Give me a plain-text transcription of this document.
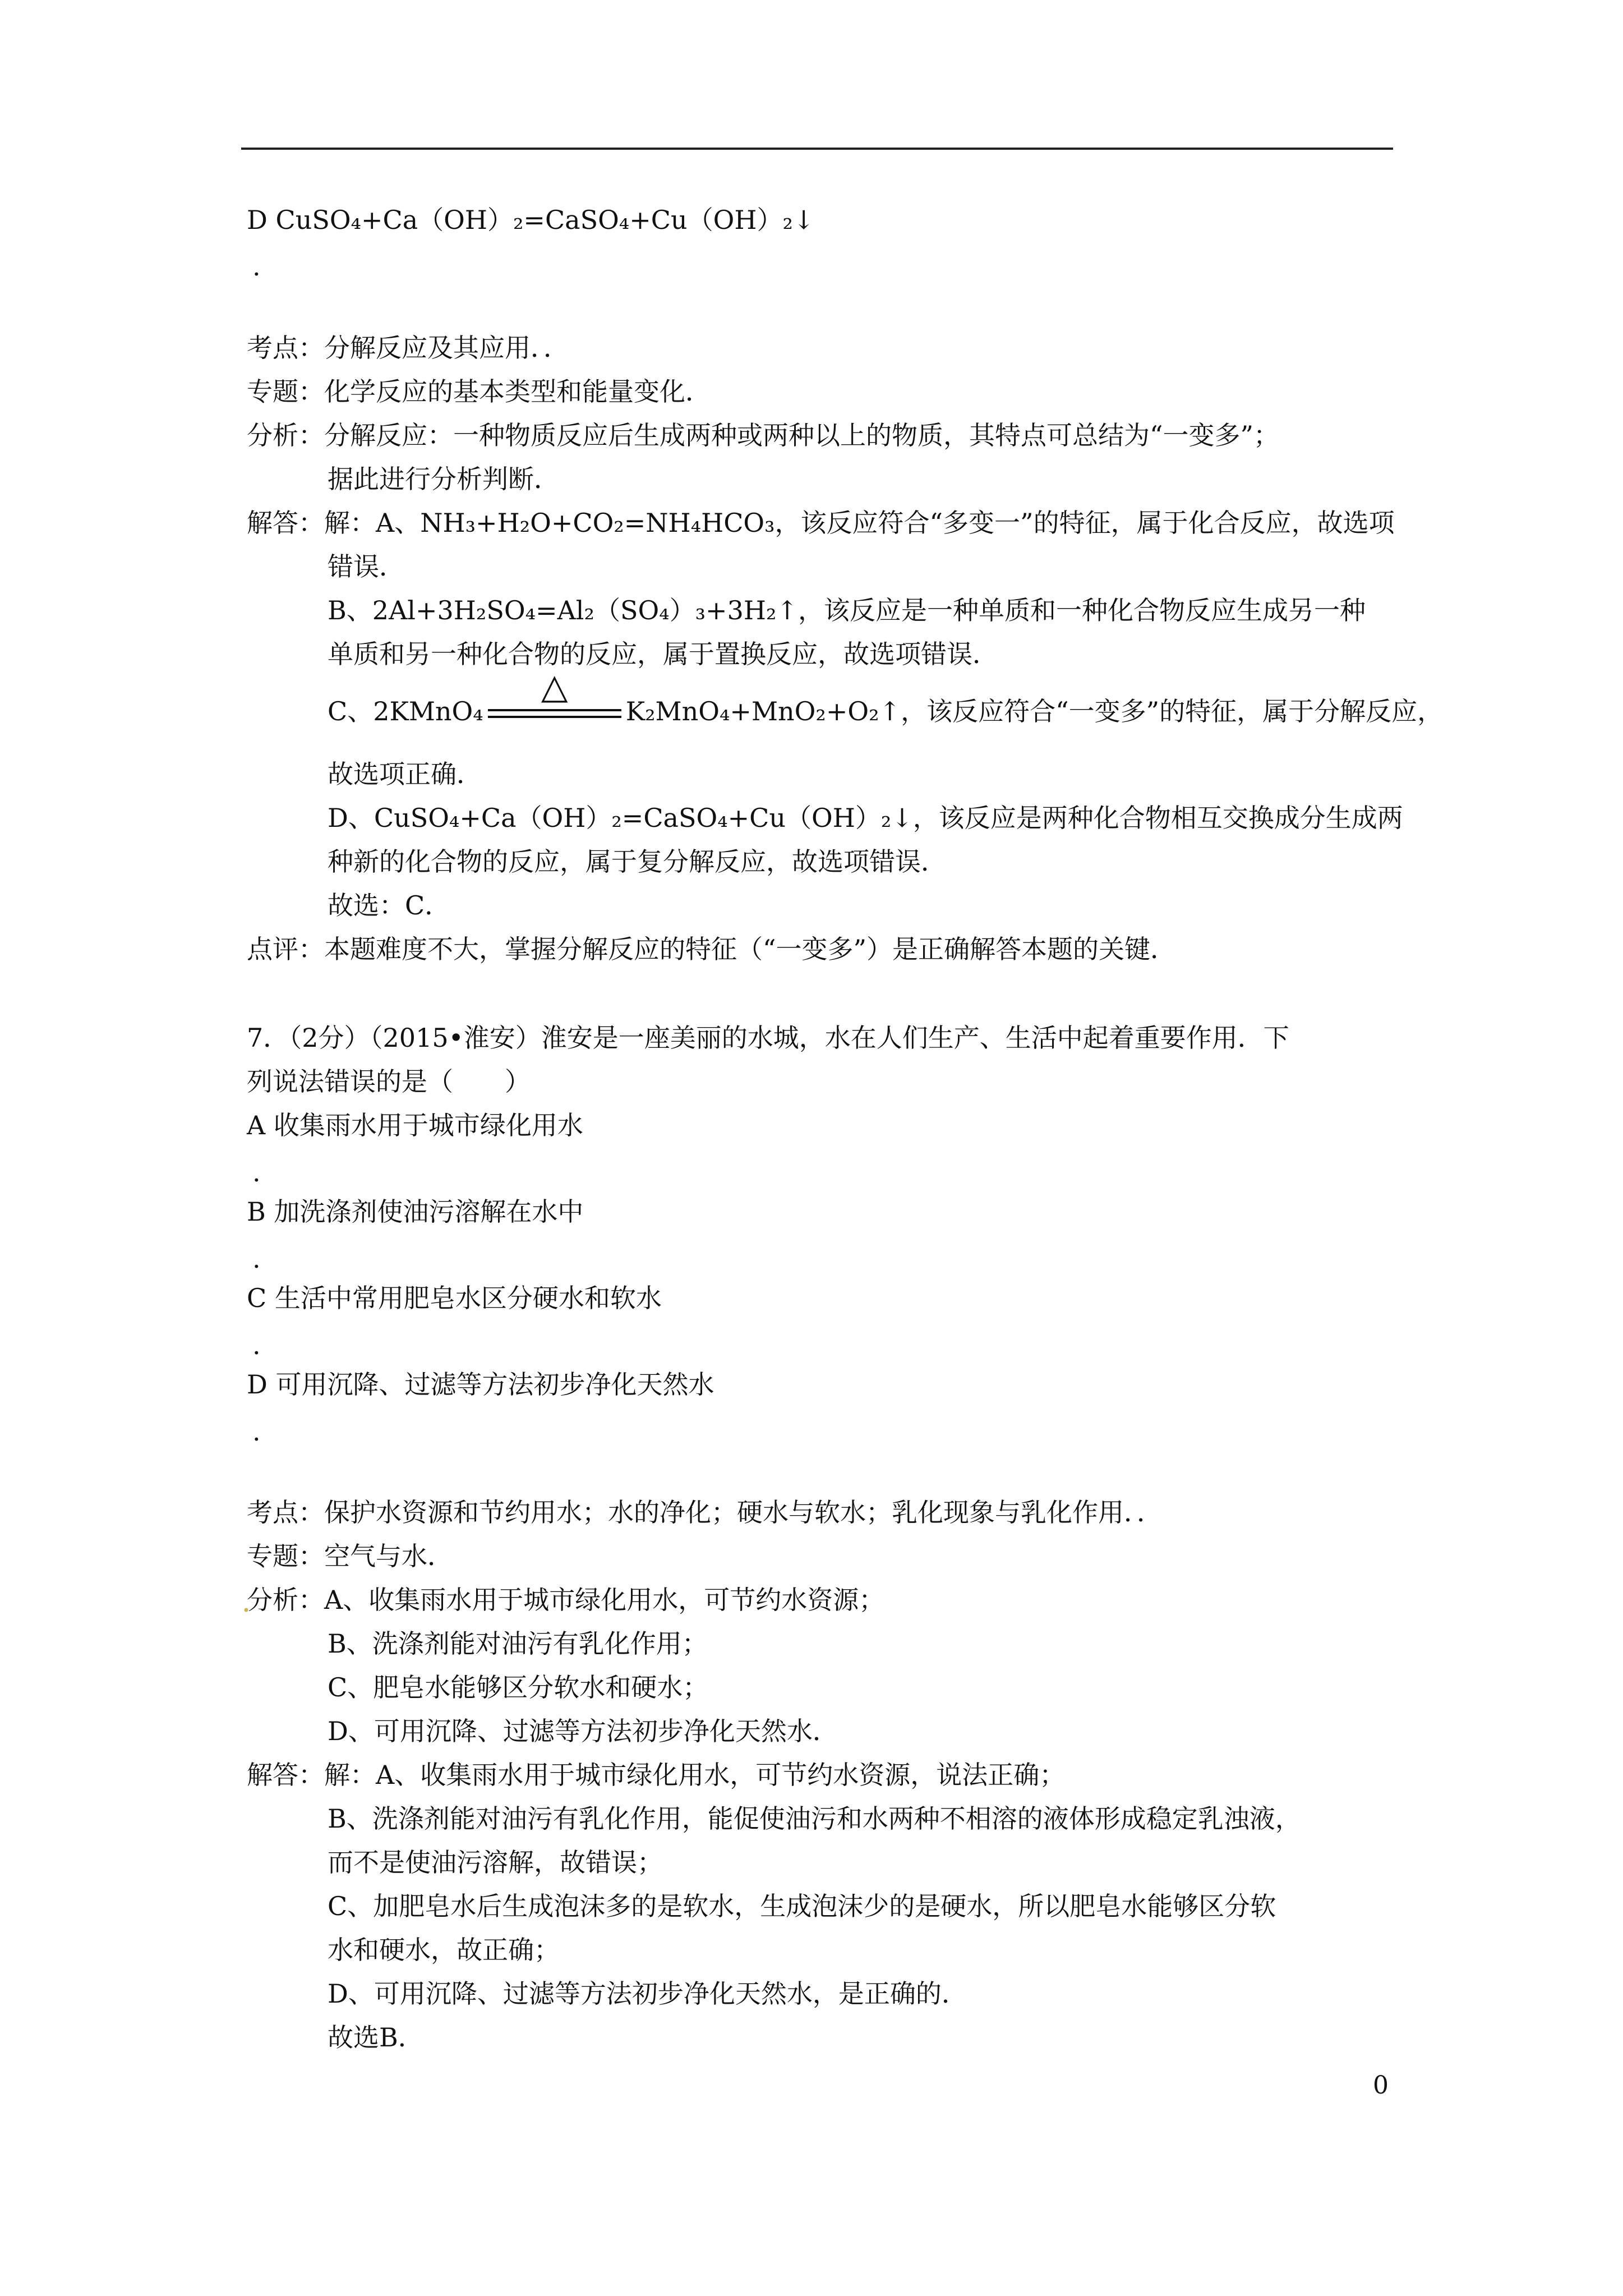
D CuSO₄+Ca（OH）₂=CaSO₄+Cu（OH）₂↓
.
考点：分解反应及其应用．．
专题：化学反应的基本类型和能量变化．
分析：分解反应：一种物质反应后生成两种或两种以上的物质，其特点可总结为“一变多”；
据此进行分析判断．
解答：解：A、NH₃+H₂O+CO₂=NH₄HCO₃，该反应符合“多变一”的特征，属于化合反应，故选项
错误．
B、2Al+3H₂SO₄=Al₂（SO₄）₃+3H₂↑，该反应是一种单质和一种化合物反应生成另一种
单质和另一种化合物的反应，属于置换反应，故选项错误．
C、2KMnO₄
△
K₂MnO₄+MnO₂+O₂↑，该反应符合“一变多”的特征，属于分解反应，
故选项正确．
D、CuSO₄+Ca（OH）₂=CaSO₄+Cu（OH）₂↓，该反应是两种化合物相互交换成分生成两
种新的化合物的反应，属于复分解反应，故选项错误．
故选：C．
点评：本题难度不大，掌握分解反应的特征（“一变多”）是正确解答本题的关键．
7．（2分）（2015•淮安）淮安是一座美丽的水城，水在人们生产、生活中起着重要作用．下
列说法错误的是（　　）
A 收集雨水用于城市绿化用水
.
B 加洗涤剂使油污溶解在水中
.
C 生活中常用肥皂水区分硬水和软水
.
D 可用沉降、过滤等方法初步净化天然水
.
考点：保护水资源和节约用水；水的净化；硬水与软水；乳化现象与乳化作用．．
专题：空气与水．
分析：A、收集雨水用于城市绿化用水，可节约水资源；
B、洗涤剂能对油污有乳化作用；
C、肥皂水能够区分软水和硬水；
D、可用沉降、过滤等方法初步净化天然水．
解答：解：A、收集雨水用于城市绿化用水，可节约水资源，说法正确；
B、洗涤剂能对油污有乳化作用，能促使油污和水两种不相溶的液体形成稳定乳浊液，
而不是使油污溶解，故错误；
C、加肥皂水后生成泡沫多的是软水，生成泡沫少的是硬水，所以肥皂水能够区分软
水和硬水，故正确；
D、可用沉降、过滤等方法初步净化天然水，是正确的．
故选B．
0
